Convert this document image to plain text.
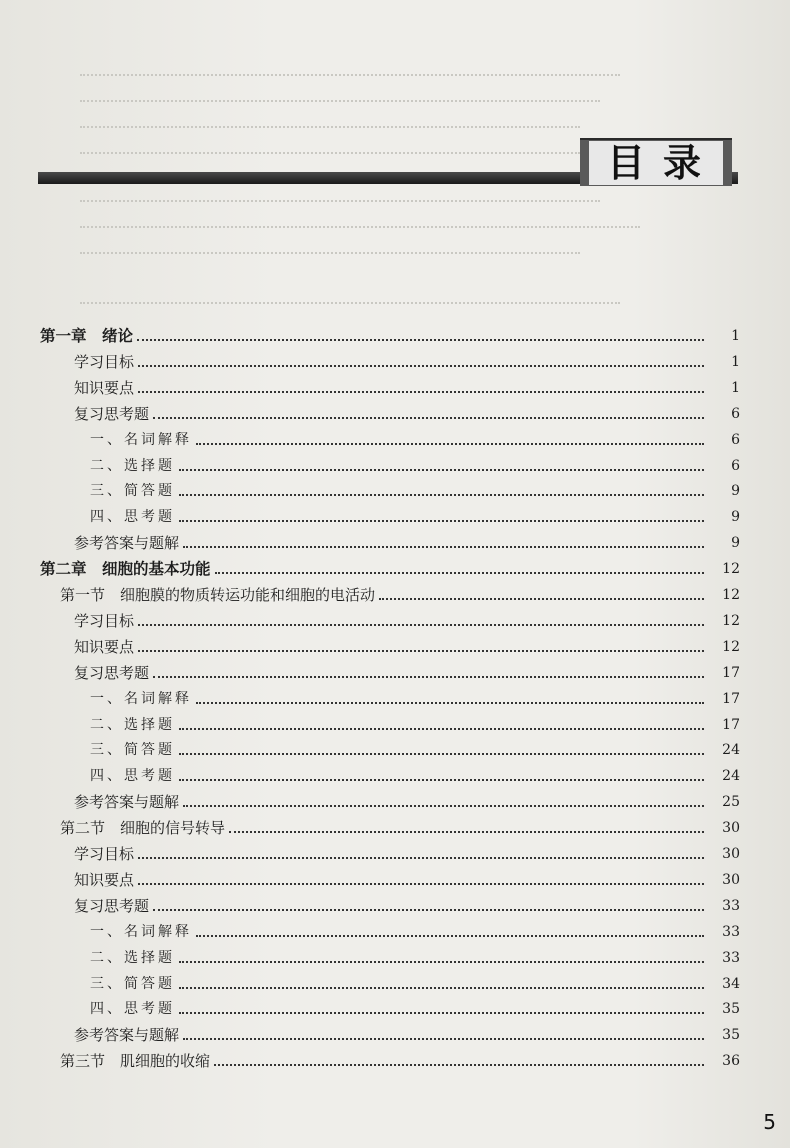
目录
第一章　绪论	1
学习目标	1
知识要点	1
复习思考题	6
一、名词解释	6
二、选择题	6
三、简答题	9
四、思考题	9
参考答案与题解	9
第二章　细胞的基本功能	12
第一节　细胞膜的物质转运功能和细胞的电活动	12
学习目标	12
知识要点	12
复习思考题	17
一、名词解释	17
二、选择题	17
三、简答题	24
四、思考题	24
参考答案与题解	25
第二节　细胞的信号转导	30
学习目标	30
知识要点	30
复习思考题	33
一、名词解释	33
二、选择题	33
三、简答题	34
四、思考题	35
参考答案与题解	35
第三节　肌细胞的收缩	36
5
